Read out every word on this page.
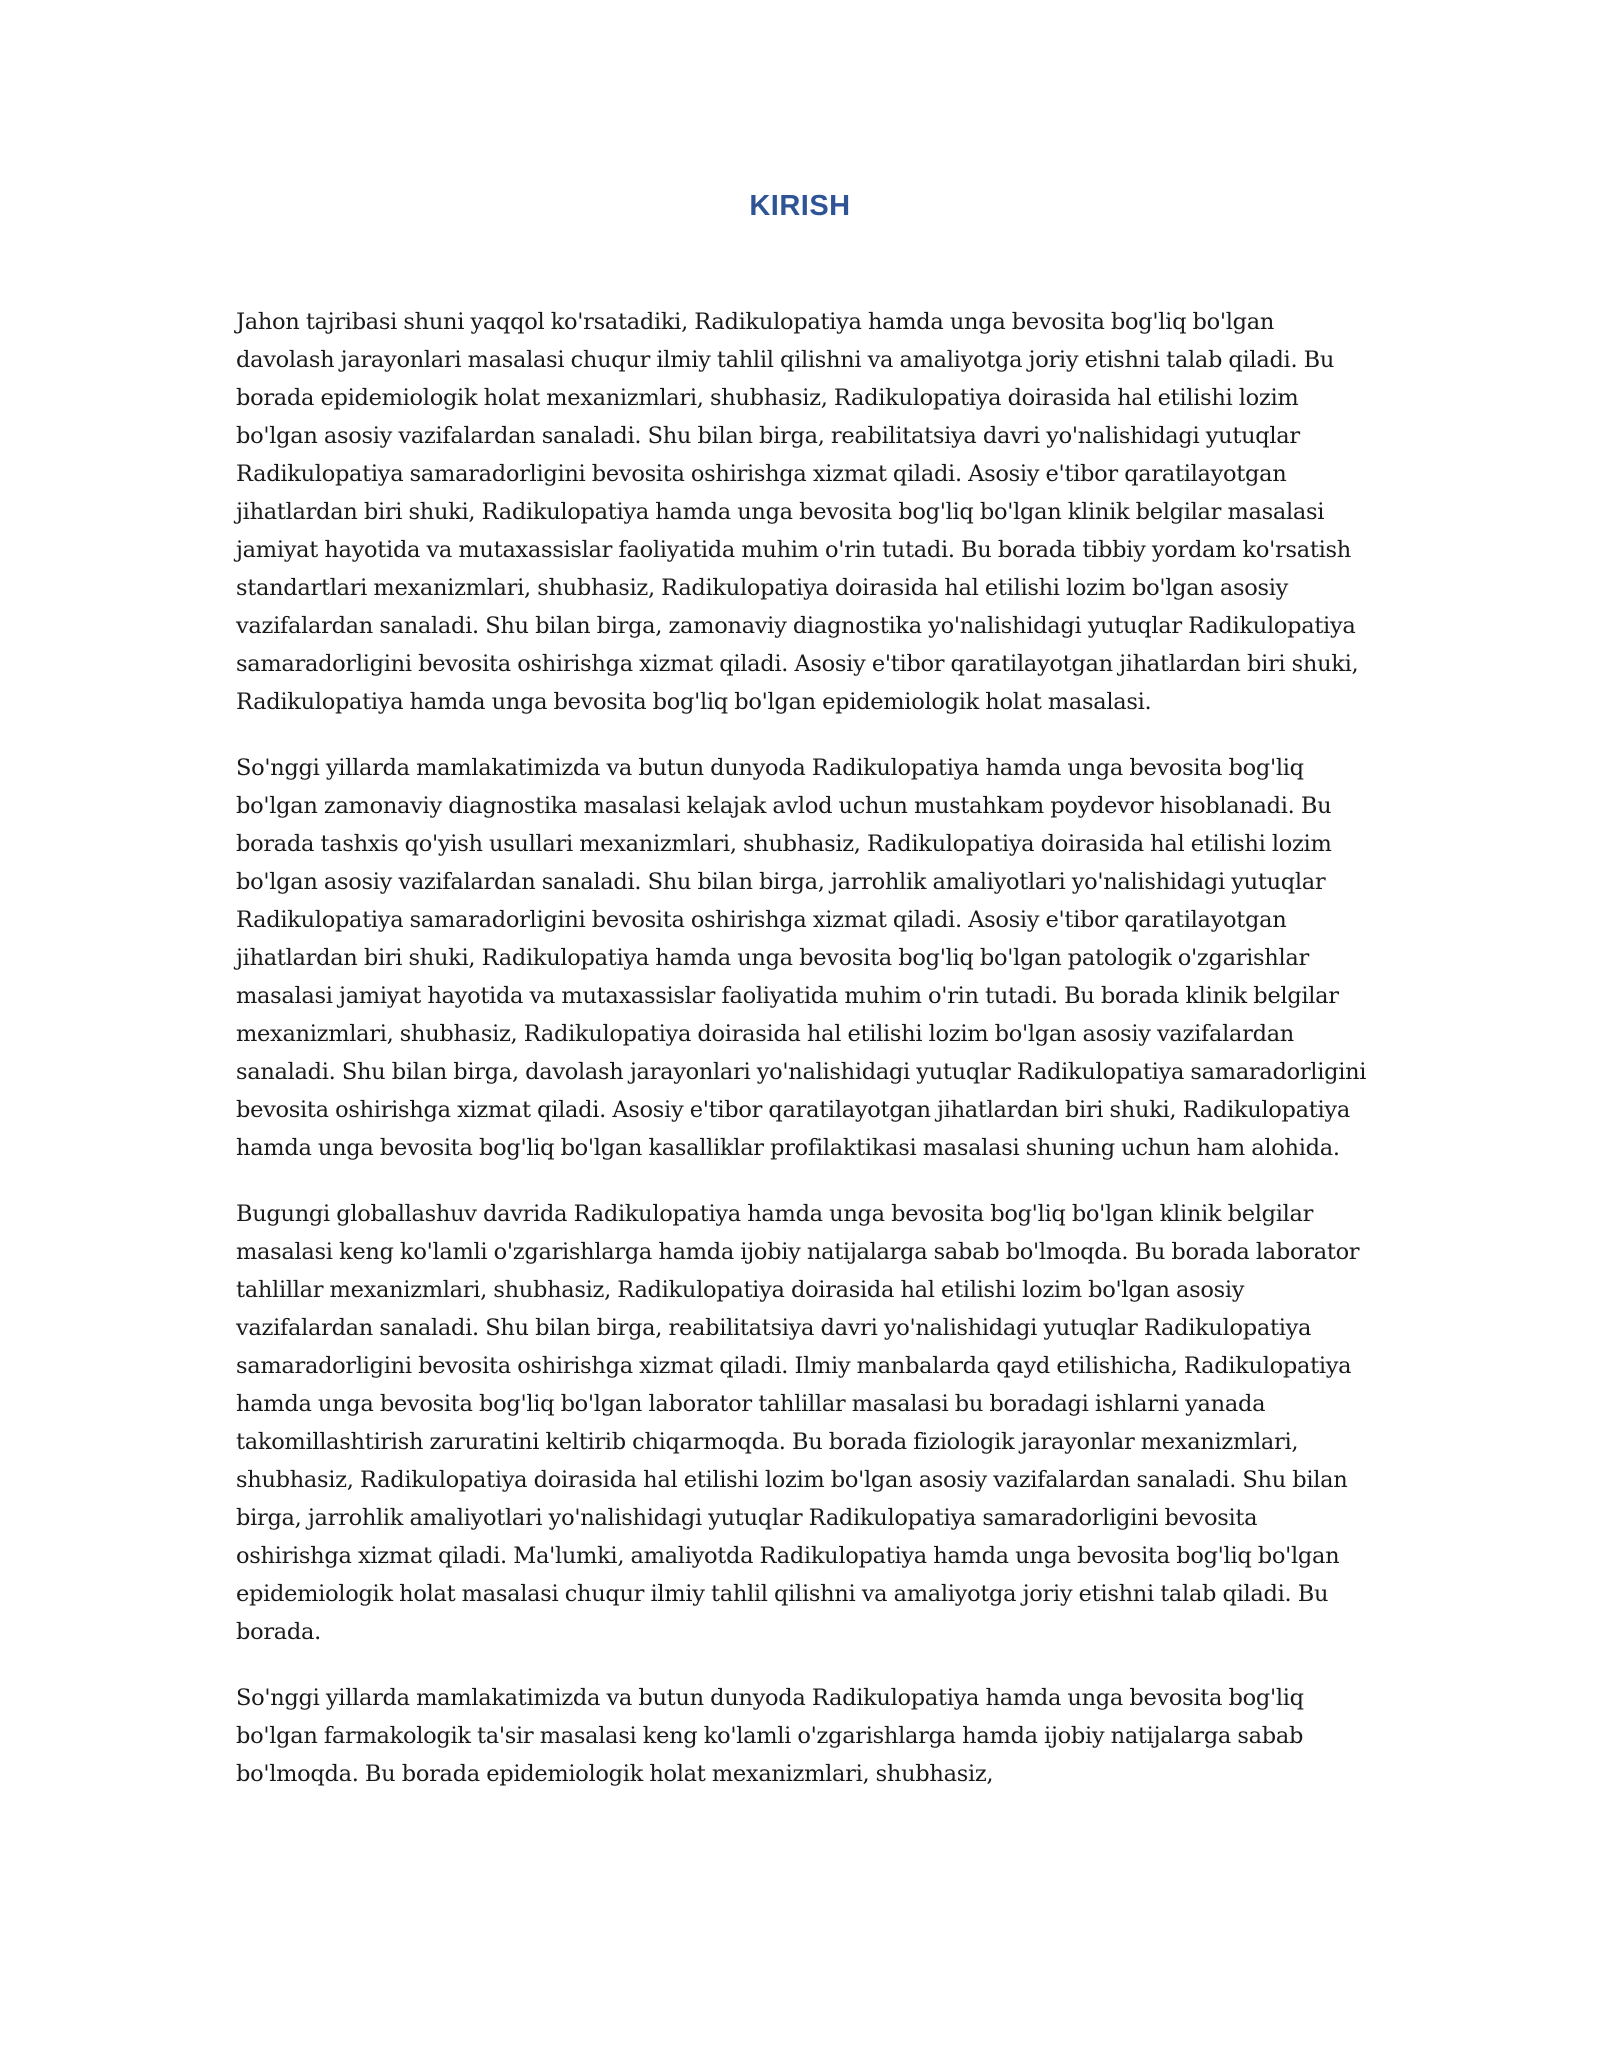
KIRISH

Jahon tajribasi shuni yaqqol ko'rsatadiki, Radikulopatiya hamda unga bevosita bog'liq bo'lgan davolash jarayonlari masalasi chuqur ilmiy tahlil qilishni va amaliyotga joriy etishni talab qiladi. Bu borada epidemiologik holat mexanizmlari, shubhasiz, Radikulopatiya doirasida hal etilishi lozim bo'lgan asosiy vazifalardan sanaladi. Shu bilan birga, reabilitatsiya davri yo'nalishidagi yutuqlar Radikulopatiya samaradorligini bevosita oshirishga xizmat qiladi. Asosiy e'tibor qaratilayotgan jihatlardan biri shuki, Radikulopatiya hamda unga bevosita bog'liq bo'lgan klinik belgilar masalasi jamiyat hayotida va mutaxassislar faoliyatida muhim o'rin tutadi. Bu borada tibbiy yordam ko'rsatish standartlari mexanizmlari, shubhasiz, Radikulopatiya doirasida hal etilishi lozim bo'lgan asosiy vazifalardan sanaladi. Shu bilan birga, zamonaviy diagnostika yo'nalishidagi yutuqlar Radikulopatiya samaradorligini bevosita oshirishga xizmat qiladi. Asosiy e'tibor qaratilayotgan jihatlardan biri shuki, Radikulopatiya hamda unga bevosita bog'liq bo'lgan epidemiologik holat masalasi.

So'nggi yillarda mamlakatimizda va butun dunyoda Radikulopatiya hamda unga bevosita bog'liq bo'lgan zamonaviy diagnostika masalasi kelajak avlod uchun mustahkam poydevor hisoblanadi. Bu borada tashxis qo'yish usullari mexanizmlari, shubhasiz, Radikulopatiya doirasida hal etilishi lozim bo'lgan asosiy vazifalardan sanaladi. Shu bilan birga, jarrohlik amaliyotlari yo'nalishidagi yutuqlar Radikulopatiya samaradorligini bevosita oshirishga xizmat qiladi. Asosiy e'tibor qaratilayotgan jihatlardan biri shuki, Radikulopatiya hamda unga bevosita bog'liq bo'lgan patologik o'zgarishlar masalasi jamiyat hayotida va mutaxassislar faoliyatida muhim o'rin tutadi. Bu borada klinik belgilar mexanizmlari, shubhasiz, Radikulopatiya doirasida hal etilishi lozim bo'lgan asosiy vazifalardan sanaladi. Shu bilan birga, davolash jarayonlari yo'nalishidagi yutuqlar Radikulopatiya samaradorligini bevosita oshirishga xizmat qiladi. Asosiy e'tibor qaratilayotgan jihatlardan biri shuki, Radikulopatiya hamda unga bevosita bog'liq bo'lgan kasalliklar profilaktikasi masalasi shuning uchun ham alohida.

Bugungi globallashuv davrida Radikulopatiya hamda unga bevosita bog'liq bo'lgan klinik belgilar masalasi keng ko'lamli o'zgarishlarga hamda ijobiy natijalarga sabab bo'lmoqda. Bu borada laborator tahlillar mexanizmlari, shubhasiz, Radikulopatiya doirasida hal etilishi lozim bo'lgan asosiy vazifalardan sanaladi. Shu bilan birga, reabilitatsiya davri yo'nalishidagi yutuqlar Radikulopatiya samaradorligini bevosita oshirishga xizmat qiladi. Ilmiy manbalarda qayd etilishicha, Radikulopatiya hamda unga bevosita bog'liq bo'lgan laborator tahlillar masalasi bu boradagi ishlarni yanada takomillashtirish zaruratini keltirib chiqarmoqda. Bu borada fiziologik jarayonlar mexanizmlari, shubhasiz, Radikulopatiya doirasida hal etilishi lozim bo'lgan asosiy vazifalardan sanaladi. Shu bilan birga, jarrohlik amaliyotlari yo'nalishidagi yutuqlar Radikulopatiya samaradorligini bevosita oshirishga xizmat qiladi. Ma'lumki, amaliyotda Radikulopatiya hamda unga bevosita bog'liq bo'lgan epidemiologik holat masalasi chuqur ilmiy tahlil qilishni va amaliyotga joriy etishni talab qiladi. Bu borada.

So'nggi yillarda mamlakatimizda va butun dunyoda Radikulopatiya hamda unga bevosita bog'liq bo'lgan farmakologik ta'sir masalasi keng ko'lamli o'zgarishlarga hamda ijobiy natijalarga sabab bo'lmoqda. Bu borada epidemiologik holat mexanizmlari, shubhasiz,
